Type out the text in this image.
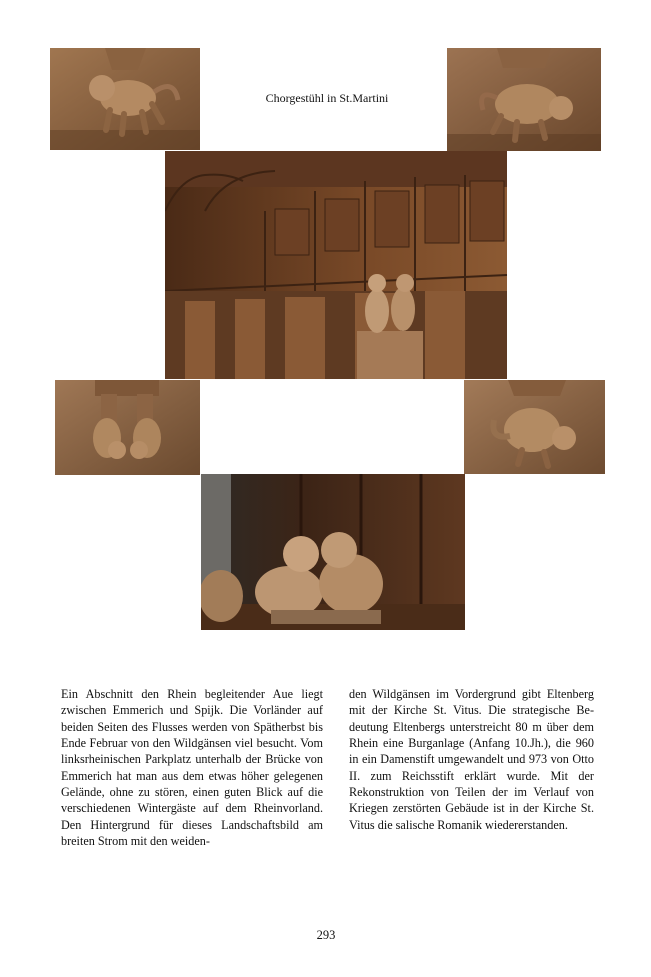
Chorgestühl in St.Martini
Ein Abschnitt den Rhein begleitender Aue liegt zwischen Emmerich und Spijk. Die Vorländer auf beiden Seiten des Flusses werden von Spätherbst bis Ende Februar von den Wildgänsen viel besucht. Vom linksrheinischen Parkplatz unterhalb der Brücke von Emmerich hat man aus dem etwas höher gelegenen Gelände, ohne zu stören, einen guten Blick auf die verschiedenen Wintergäste auf dem Rheinvorland. Den Hintergrund für dieses Landschaftsbild am breiten Strom mit den weiden-
den Wildgänsen im Vordergrund gibt Eltenberg mit der Kirche St. Vitus. Die strategische Bedeutung Eltenbergs unterstreicht 80 m über dem Rhein eine Burganlage (Anfang 10.Jh.), die 960 in ein Damenstift umgewandelt und 973 von Otto II. zum Reichsstift erklärt wurde. Mit der Rekonstruktion von Teilen der im Verlauf von Kriegen zerstörten Gebäude ist in der Kirche St. Vitus die salische Romanik wiedererstanden.
293
